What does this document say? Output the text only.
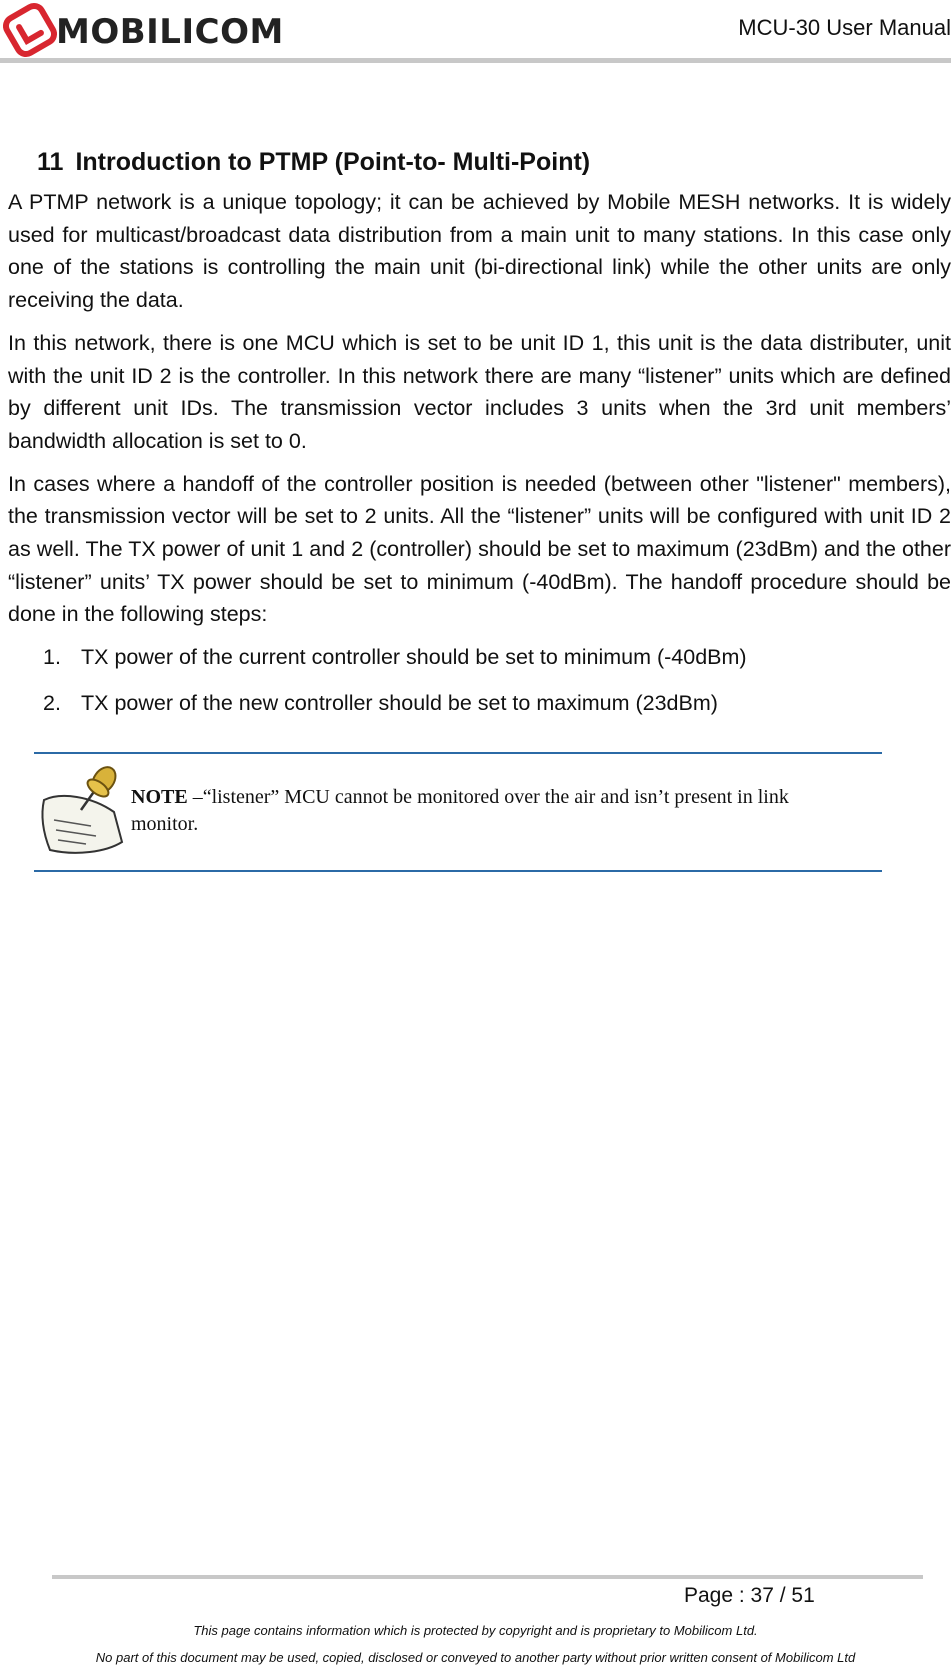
MOBILICOM	MCU-30 User Manual
11 Introduction to PTMP (Point-to- Multi-Point)

A PTMP network is a unique topology; it can be achieved by Mobile MESH networks. It is widely used for multicast/broadcast data distribution from a main unit to many stations. In this case only one of the stations is controlling the main unit (bi-directional link) while the other units are only receiving the data.

In this network, there is one MCU which is set to be unit ID 1, this unit is the data distributer, unit with the unit ID 2 is the controller. In this network there are many “listener” units which are defined by different unit IDs. The transmission vector includes 3 units when the 3rd unit members’ bandwidth allocation is set to 0.

In cases where a handoff of the controller position is needed (between other "listener" members), the transmission vector will be set to 2 units. All the “listener” units will be configured with unit ID 2 as well. The TX power of unit 1 and 2 (controller) should be set to maximum (23dBm) and the other “listener” units’ TX power should be set to minimum (-40dBm). The handoff procedure should be done in the following steps:

1. TX power of the current controller should be set to minimum (-40dBm)
2. TX power of the new controller should be set to maximum (23dBm)
NOTE –“listener” MCU cannot be monitored over the air and isn’t present in link monitor.
Page : 37 / 51
This page contains information which is protected by copyright and is proprietary to Mobilicom Ltd.
No part of this document may be used, copied, disclosed or conveyed to another party without prior written consent of Mobilicom Ltd
